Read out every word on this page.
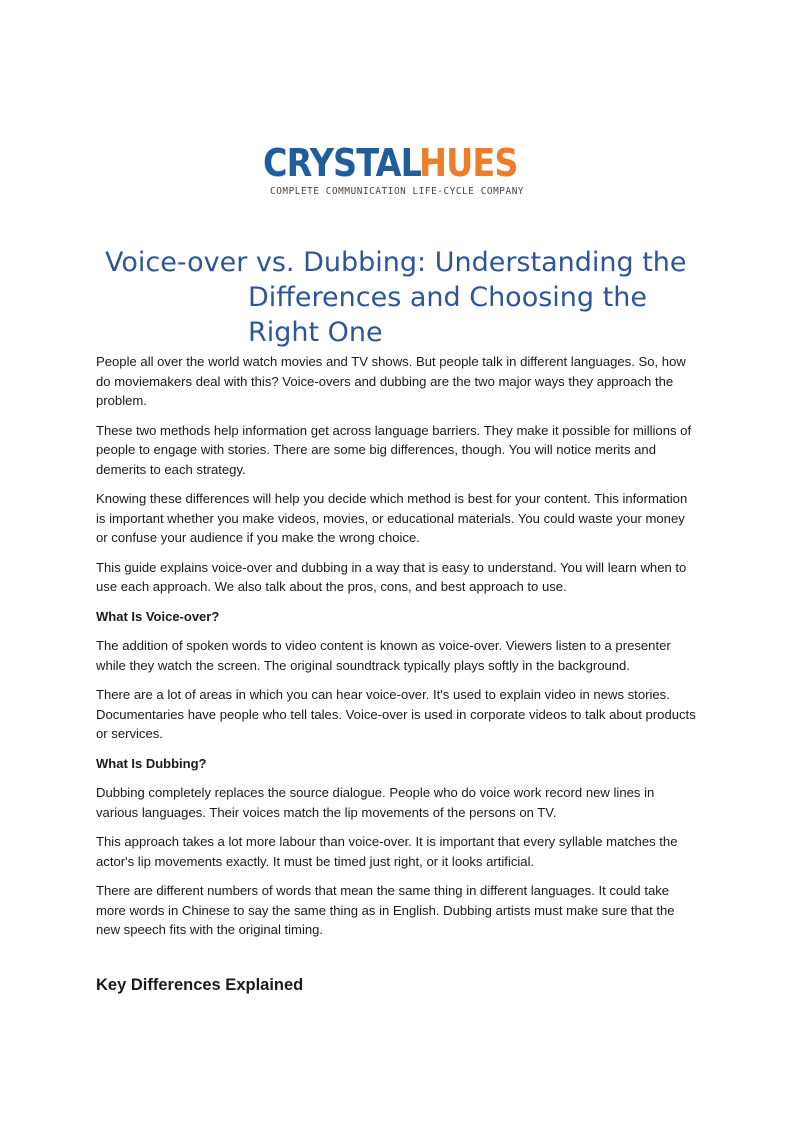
CRYSTAL
HUES
COMPLETE COMMUNICATION LIFE-CYCLE COMPANY
Voice-over vs. Dubbing: Understanding the
Differences and Choosing the
Right One

People all over the world watch movies and TV shows. But people talk in different languages. So, how do moviemakers deal with this? Voice-overs and dubbing are the two major ways they approach the problem.

These two methods help information get across language barriers. They make it possible for millions of people to engage with stories. There are some big differences, though. You will notice merits and demerits to each strategy.

Knowing these differences will help you decide which method is best for your content. This information is important whether you make videos, movies, or educational materials. You could waste your money or confuse your audience if you make the wrong choice.

This guide explains voice-over and dubbing in a way that is easy to understand. You will learn when to use each approach. We also talk about the pros, cons, and best approach to use.

What Is Voice-over?

The addition of spoken words to video content is known as voice-over. Viewers listen to a presenter while they watch the screen. The original soundtrack typically plays softly in the background.

There are a lot of areas in which you can hear voice-over. It's used to explain video in news stories. Documentaries have people who tell tales. Voice-over is used in corporate videos to talk about products or services.

What Is Dubbing?

Dubbing completely replaces the source dialogue. People who do voice work record new lines in various languages. Their voices match the lip movements of the persons on TV.

This approach takes a lot more labour than voice-over. It is important that every syllable matches the actor's lip movements exactly. It must be timed just right, or it looks artificial.

There are different numbers of words that mean the same thing in different languages. It could take more words in Chinese to say the same thing as in English. Dubbing artists must make sure that the new speech fits with the original timing.

Key Differences Explained
